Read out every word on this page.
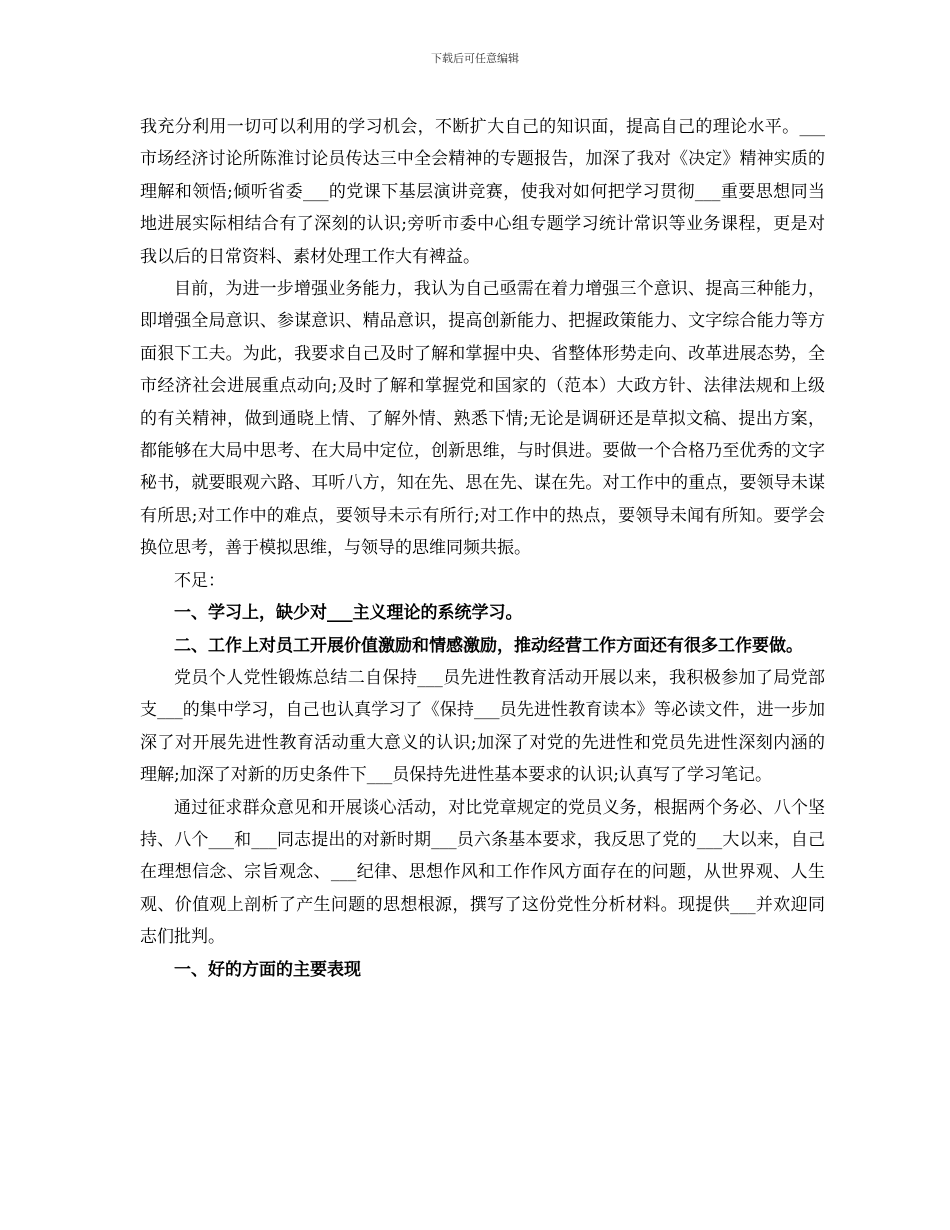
下载后可任意编辑

我充分利用一切可以利用的学习机会，不断扩大自己的知识面，提高自己的理论水平。___市场经济讨论所陈淮讨论员传达三中全会精神的专题报告，加深了我对《决定》精神实质的理解和领悟;倾听省委___的党课下基层演讲竞赛，使我对如何把学习贯彻___重要思想同当地进展实际相结合有了深刻的认识;旁听市委中心组专题学习统计常识等业务课程，更是对我以后的日常资料、素材处理工作大有裨益。

目前，为进一步增强业务能力，我认为自己亟需在着力增强三个意识、提高三种能力，即增强全局意识、参谋意识、精品意识，提高创新能力、把握政策能力、文字综合能力等方面狠下工夫。为此，我要求自己及时了解和掌握中央、省整体形势走向、改革进展态势，全市经济社会进展重点动向;及时了解和掌握党和国家的（范本）大政方针、法律法规和上级的有关精神，做到通晓上情、了解外情、熟悉下情;无论是调研还是草拟文稿、提出方案，都能够在大局中思考、在大局中定位，创新思维，与时俱进。要做一个合格乃至优秀的文字秘书，就要眼观六路、耳听八方，知在先、思在先、谋在先。对工作中的重点，要领导未谋有所思;对工作中的难点，要领导未示有所行;对工作中的热点，要领导未闻有所知。要学会换位思考，善于模拟思维，与领导的思维同频共振。

不足：

一、学习上，缺少对___主义理论的系统学习。

二、工作上对员工开展价值激励和情感激励，推动经营工作方面还有很多工作要做。

党员个人党性锻炼总结二自保持___员先进性教育活动开展以来，我积极参加了局党部支___的集中学习，自己也认真学习了《保持___员先进性教育读本》等必读文件，进一步加深了对开展先进性教育活动重大意义的认识;加深了对党的先进性和党员先进性深刻内涵的理解;加深了对新的历史条件下___员保持先进性基本要求的认识;认真写了学习笔记。

通过征求群众意见和开展谈心活动，对比党章规定的党员义务，根据两个务必、八个坚持、八个___和___同志提出的对新时期___员六条基本要求，我反思了党的___大以来，自己在理想信念、宗旨观念、___纪律、思想作风和工作作风方面存在的问题，从世界观、人生观、价值观上剖析了产生问题的思想根源，撰写了这份党性分析材料。现提供___并欢迎同志们批判。

一、好的方面的主要表现
